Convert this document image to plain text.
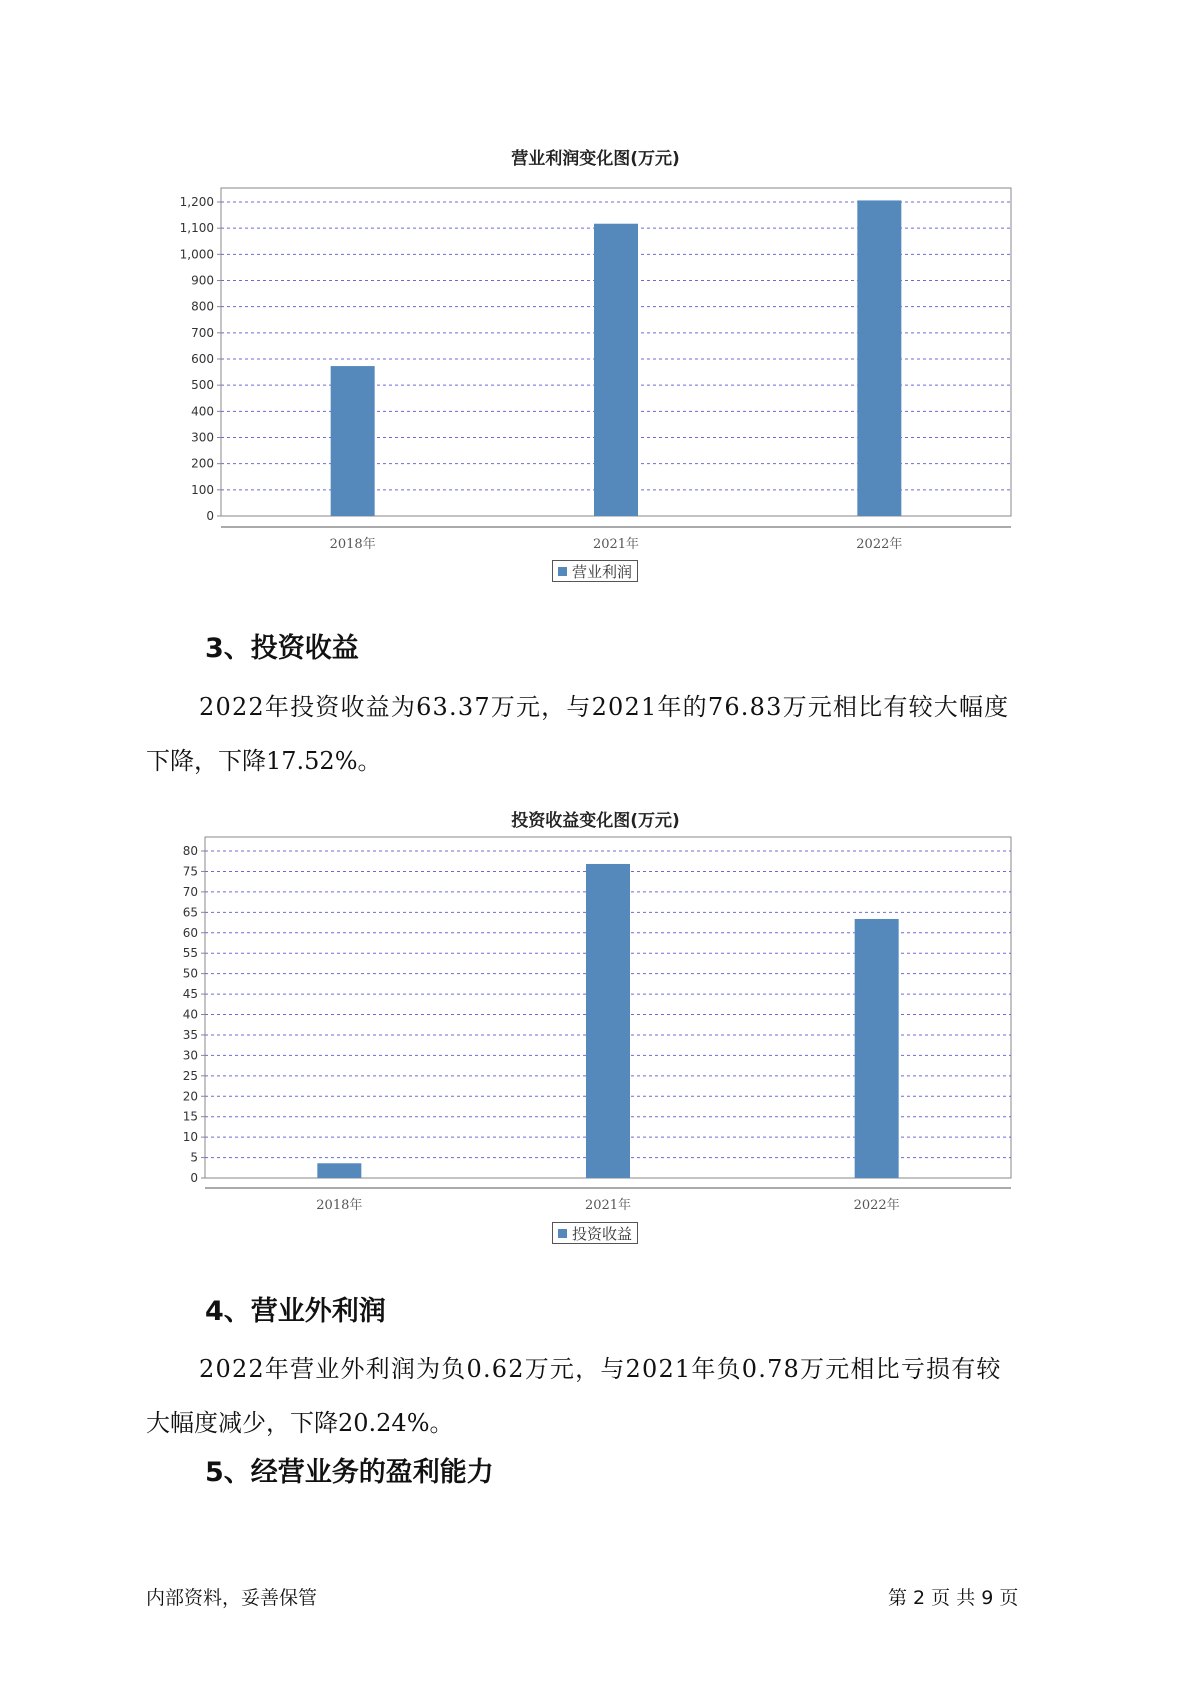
营业利润变化图(万元)
0
100
200
300
400
500
600
700
800
900
1,000
1,100
1,200
2018年	2021年	2022年
营业利润
3、投资收益
2022年投资收益为63.37万元，与2021年的76.83万元相比有较大幅度
下降，下降17.52%。
投资收益变化图(万元)
0
5
10
15
20
25
30
35
40
45
50
55
60
65
70
75
80
2018年	2021年	2022年
投资收益
4、营业外利润
2022年营业外利润为负0.62万元，与2021年负0.78万元相比亏损有较
大幅度减少，下降20.24%。
5、经营业务的盈利能力
内部资料，妥善保管	第 2 页 共 9 页
